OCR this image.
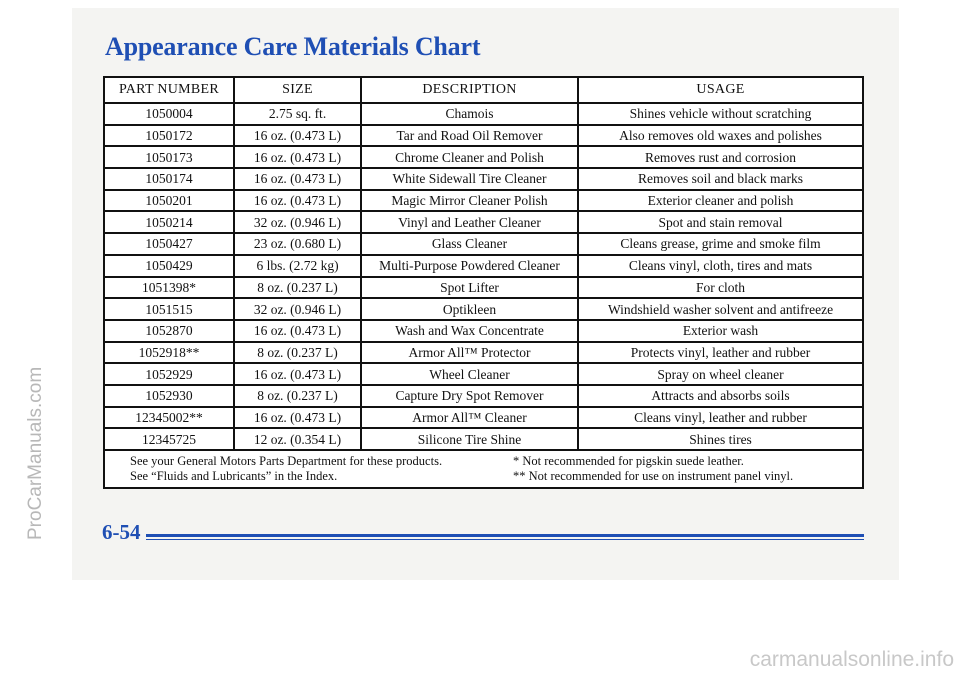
Appearance Care Materials Chart
PART NUMBER	SIZE	DESCRIPTION	USAGE
1050004	2.75 sq. ft.	Chamois	Shines vehicle without scratching
1050172	16 oz. (0.473 L)	Tar and Road Oil Remover	Also removes old waxes and polishes
1050173	16 oz. (0.473 L)	Chrome Cleaner and Polish	Removes rust and corrosion
1050174	16 oz. (0.473 L)	White Sidewall Tire Cleaner	Removes soil and black marks
1050201	16 oz. (0.473 L)	Magic Mirror Cleaner Polish	Exterior cleaner and polish
1050214	32 oz. (0.946 L)	Vinyl and Leather Cleaner	Spot and stain removal
1050427	23 oz. (0.680 L)	Glass Cleaner	Cleans grease, grime and smoke film
1050429	6 lbs. (2.72 kg)	Multi-Purpose Powdered Cleaner	Cleans vinyl, cloth, tires and mats
1051398*	8 oz. (0.237 L)	Spot Lifter	For cloth
1051515	32 oz. (0.946 L)	Optikleen	Windshield washer solvent and antifreeze
1052870	16 oz. (0.473 L)	Wash and Wax Concentrate	Exterior wash
1052918**	8 oz. (0.237 L)	Armor All™ Protector	Protects vinyl, leather and rubber
1052929	16 oz. (0.473 L)	Wheel Cleaner	Spray on wheel cleaner
1052930	8 oz. (0.237 L)	Capture Dry Spot Remover	Attracts and absorbs soils
12345002**	16 oz. (0.473 L)	Armor All™ Cleaner	Cleans vinyl, leather and rubber
12345725	12 oz. (0.354 L)	Silicone Tire Shine	Shines tires
See your General Motors Parts Department for these products.
See “Fluids and Lubricants” in the Index.
* Not recommended for pigskin suede leather.
** Not recommended for use on instrument panel vinyl.
6-54
ProCarManuals.com
carmanualsonline.info
